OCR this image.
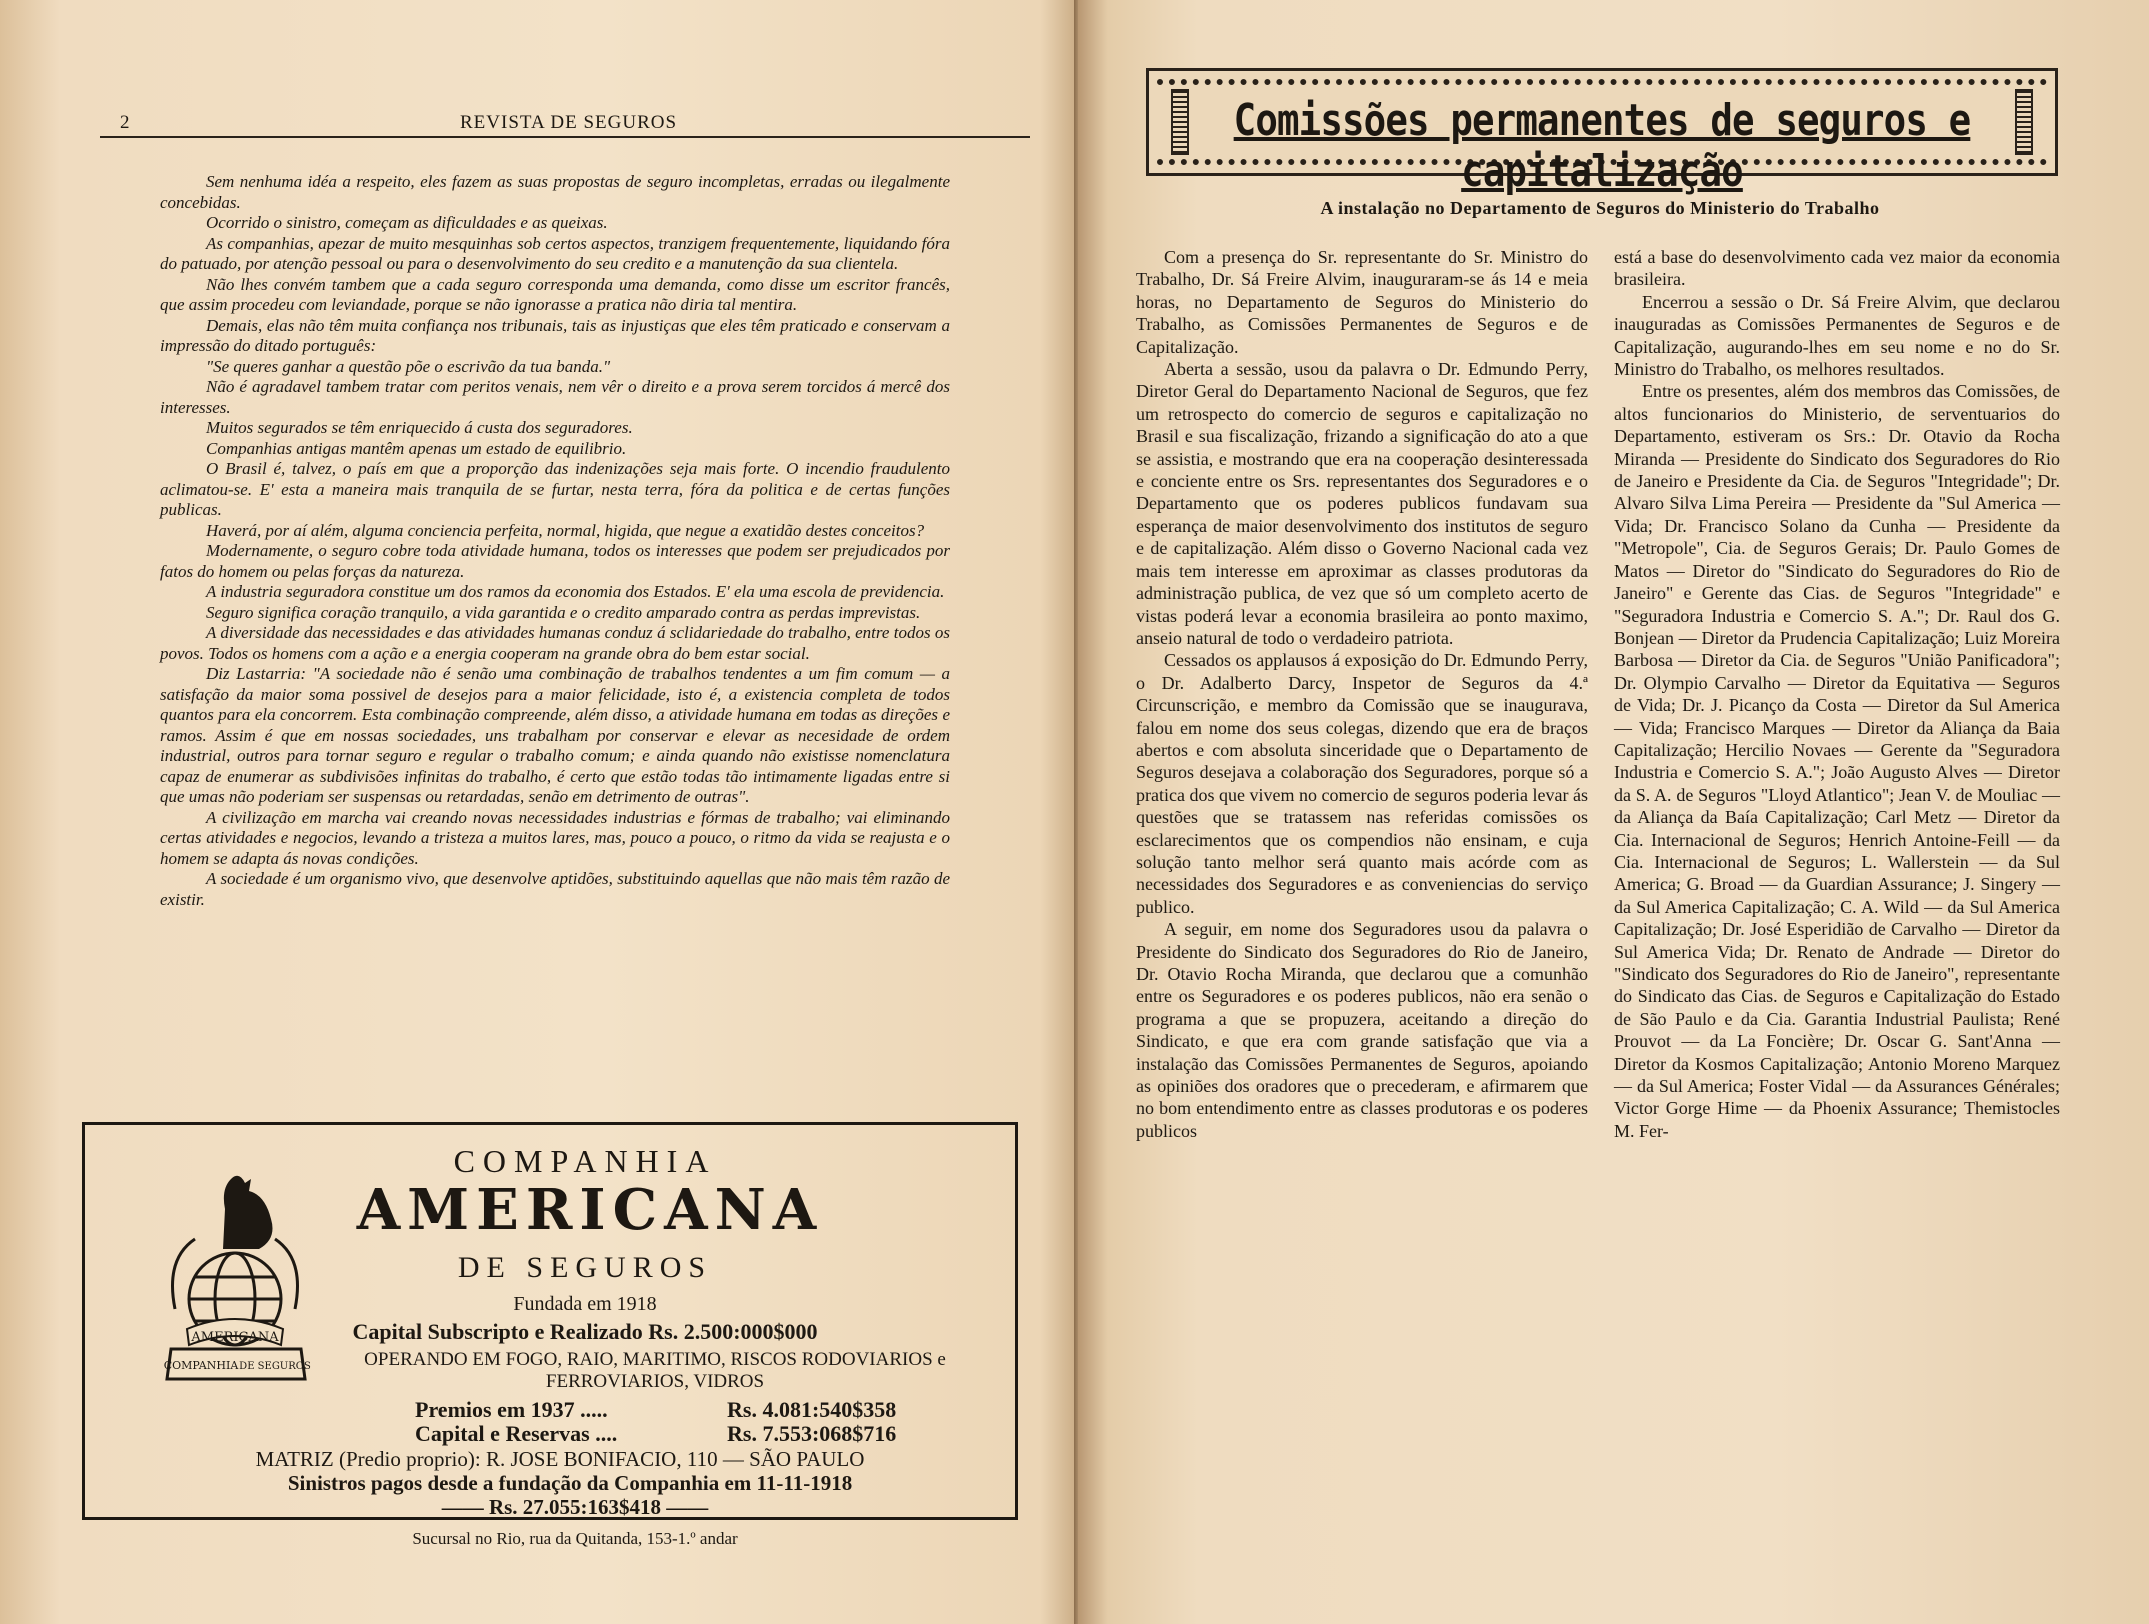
2	REVISTA DE SEGUROS

Sem nenhuma idéa a respeito, eles fazem as suas propostas de seguro incompletas, erradas ou ilegalmente concebidas.

Ocorrido o sinistro, começam as dificuldades e as queixas.

As companhias, apezar de muito mesquinhas sob certos aspectos, tranzigem frequentemente, liquidando fóra do patuado, por atenção pessoal ou para o desenvolvimento do seu credito e a manutenção da sua clientela.

Não lhes convém tambem que a cada seguro corresponda uma demanda, como disse um escritor francês, que assim procedeu com leviandade, porque se não ignorasse a pratica não diria tal mentira.

Demais, elas não têm muita confiança nos tribunais, tais as injustiças que eles têm praticado e conservam a impressão do ditado português:

"Se queres ganhar a questão põe o escrivão da tua banda."

Não é agradavel tambem tratar com peritos venais, nem vêr o direito e a prova serem torcidos á mercê dos interesses.

Muitos segurados se têm enriquecido á custa dos seguradores.

Companhias antigas mantêm apenas um estado de equilibrio.

O Brasil é, talvez, o país em que a proporção das indenizações seja mais forte. O incendio fraudulento aclimatou-se. E' esta a maneira mais tranquila de se furtar, nesta terra, fóra da politica e de certas funções publicas.

Haverá, por aí além, alguma conciencia perfeita, normal, higida, que negue a exatidão destes conceitos?

Modernamente, o seguro cobre toda atividade humana, todos os interesses que podem ser prejudicados por fatos do homem ou pelas forças da natureza.

A industria seguradora constitue um dos ramos da economia dos Estados. E' ela uma escola de previdencia.

Seguro significa coração tranquilo, a vida garantida e o credito amparado contra as perdas imprevistas.

A diversidade das necessidades e das atividades humanas conduz á sclidariedade do trabalho, entre todos os povos. Todos os homens com a ação e a energia cooperam na grande obra do bem estar social.

Diz Lastarria: "A sociedade não é senão uma combinação de trabalhos tendentes a um fim comum — a satisfação da maior soma possivel de desejos para a maior felicidade, isto é, a existencia completa de todos quantos para ela concorrem. Esta combinação compreende, além disso, a atividade humana em todas as direções e ramos. Assim é que em nossas sociedades, uns trabalham por conservar e elevar as necesidade de ordem industrial, outros para tornar seguro e regular o trabalho comum; e ainda quando não existisse nomenclatura capaz de enumerar as subdivisões infinitas do trabalho, é certo que estão todas tão intimamente ligadas entre si que umas não poderiam ser suspensas ou retardadas, senão em detrimento de outras".

A civilização em marcha vai creando novas necessidades industrias e fórmas de trabalho; vai eliminando certas atividades e negocios, levando a tristeza a muitos lares, mas, pouco a pouco, o ritmo da vida se reajusta e o homem se adapta ás novas condições.

A sociedade é um organismo vivo, que desenvolve aptidões, substituindo aquellas que não mais têm razão de existir.

AMERICANA
COMPANHIA DE SEGUROS
COMPANHIA
AMERICANA
DE SEGUROS
Fundada em 1918
Capital Subscripto e Realizado Rs. 2.500:000$000
OPERANDO EM FOGO, RAIO, MARITIMO, RISCOS RODOVIARIOS e FERROVIARIOS, VIDROS
Premios em 1937 .....	Rs. 4.081:540$358
Capital e Reservas ....	Rs. 7.553:068$716
MATRIZ (Predio proprio): R. JOSE BONIFACIO, 110 — SÃO PAULO
Sinistros pagos desde a fundação da Companhia em 11-11-1918
—— Rs. 27.055:163$418 ——
Sucursal no Rio, rua da Quitanda, 153-1.º andar
Comissões permanentes de seguros e capitalização
A instalação no Departamento de Seguros do Ministerio do Trabalho

Com a presença do Sr. representante do Sr. Ministro do Trabalho, Dr. Sá Freire Alvim, inauguraram-se ás 14 e meia horas, no Departamento de Seguros do Ministerio do Trabalho, as Comissões Permanentes de Seguros e de Capitalização.

Aberta a sessão, usou da palavra o Dr. Edmundo Perry, Diretor Geral do Departamento Nacional de Seguros, que fez um retrospecto do comercio de seguros e capitalização no Brasil e sua fiscalização, frizando a significação do ato a que se assistia, e mostrando que era na cooperação desinteressada e conciente entre os Srs. representantes dos Seguradores e o Departamento que os poderes publicos fundavam sua esperança de maior desenvolvimento dos institutos de seguro e de capitalização. Além disso o Governo Nacional cada vez mais tem interesse em aproximar as classes produtoras da administração publica, de vez que só um completo acerto de vistas poderá levar a economia brasileira ao ponto maximo, anseio natural de todo o verdadeiro patriota.

Cessados os applausos á exposição do Dr. Edmundo Perry, o Dr. Adalberto Darcy, Inspetor de Seguros da 4.ª Circunscrição, e membro da Comissão que se inaugurava, falou em nome dos seus colegas, dizendo que era de braços abertos e com absoluta sinceridade que o Departamento de Seguros desejava a colaboração dos Seguradores, porque só a pratica dos que vivem no comercio de seguros poderia levar ás questões que se tratassem nas referidas comissões os esclarecimentos que os compendios não ensinam, e cuja solução tanto melhor será quanto mais acórde com as necessidades dos Seguradores e as conveniencias do serviço publico.

A seguir, em nome dos Seguradores usou da palavra o Presidente do Sindicato dos Seguradores do Rio de Janeiro, Dr. Otavio Rocha Miranda, que declarou que a comunhão entre os Seguradores e os poderes publicos, não era senão o programa a que se propuzera, aceitando a direção do Sindicato, e que era com grande satisfação que via a instalação das Comissões Permanentes de Seguros, apoiando as opiniões dos oradores que o precederam, e afirmarem que no bom entendimento entre as classes produtoras e os poderes publicos

está a base do desenvolvimento cada vez maior da economia brasileira.

Encerrou a sessão o Dr. Sá Freire Alvim, que declarou inauguradas as Comissões Permanentes de Seguros e de Capitalização, augurando-lhes em seu nome e no do Sr. Ministro do Trabalho, os melhores resultados.

Entre os presentes, além dos membros das Comissões, de altos funcionarios do Ministerio, de serventuarios do Departamento, estiveram os Srs.: Dr. Otavio da Rocha Miranda — Presidente do Sindicato dos Seguradores do Rio de Janeiro e Presidente da Cia. de Seguros "Integridade"; Dr. Alvaro Silva Lima Pereira — Presidente da "Sul America — Vida; Dr. Francisco Solano da Cunha — Presidente da "Metropole", Cia. de Seguros Gerais; Dr. Paulo Gomes de Matos — Diretor do "Sindicato do Seguradores do Rio de Janeiro" e Gerente das Cias. de Seguros "Integridade" e "Seguradora Industria e Comercio S. A."; Dr. Raul dos G. Bonjean — Diretor da Prudencia Capitalização; Luiz Moreira Barbosa — Diretor da Cia. de Seguros "União Panificadora"; Dr. Olympio Carvalho — Diretor da Equitativa — Seguros de Vida; Dr. J. Picanço da Costa — Diretor da Sul America — Vida; Francisco Marques — Diretor da Aliança da Baia Capitalização; Hercilio Novaes — Gerente da "Seguradora Industria e Comercio S. A."; João Augusto Alves — Diretor da S. A. de Seguros "Lloyd Atlantico"; Jean V. de Mouliac — da Aliança da Baía Capitalização; Carl Metz — Diretor da Cia. Internacional de Seguros; Henrich Antoine-Feill — da Cia. Internacional de Seguros; L. Wallerstein — da Sul America; G. Broad — da Guardian Assurance; J. Singery — da Sul America Capitalização; C. A. Wild — da Sul America Capitalização; Dr. José Esperidião de Carvalho — Diretor da Sul America Vida; Dr. Renato de Andrade — Diretor do "Sindicato dos Seguradores do Rio de Janeiro", representante do Sindicato das Cias. de Seguros e Capitalização do Estado de São Paulo e da Cia. Garantia Industrial Paulista; René Prouvot — da La Foncière; Dr. Oscar G. Sant'Anna — Diretor da Kosmos Capitalização; Antonio Moreno Marquez — da Sul America; Foster Vidal — da Assurances Générales; Victor Gorge Hime — da Phoenix Assurance; Themistocles M. Fer-
